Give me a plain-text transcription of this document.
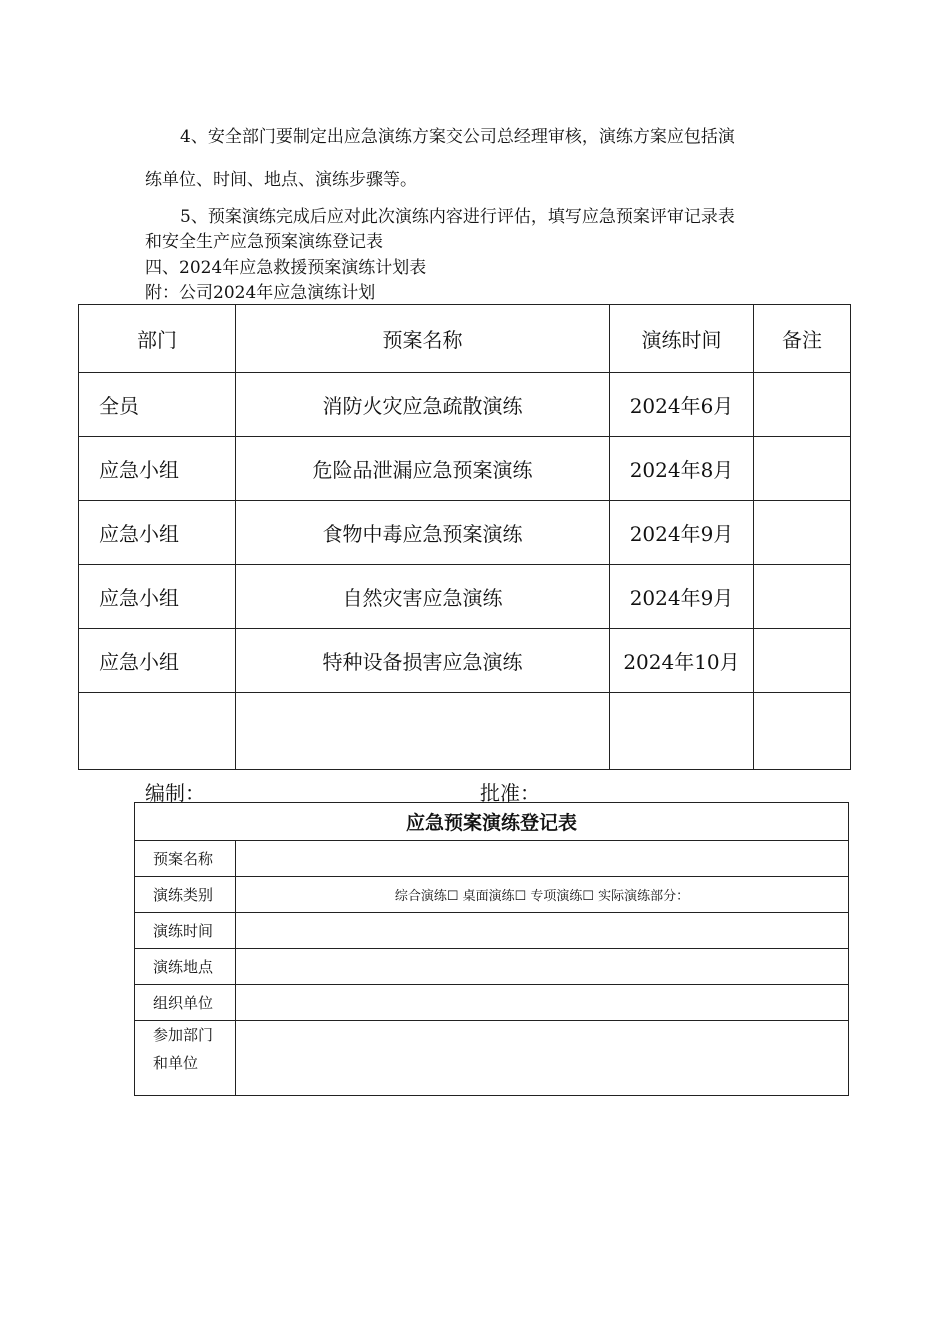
4、安全部门要制定出应急演练方案交公司总经理审核，演练方案应包括演
练单位、时间、地点、演练步骤等。
5、预案演练完成后应对此次演练内容进行评估，填写应急预案评审记录表
和安全生产应急预案演练登记表
四、2024年应急救援预案演练计划表
附：公司2024年应急演练计划
部门	预案名称	演练时间	备注
全员	消防火灾应急疏散演练	2024年6月	
应急小组	危险品泄漏应急预案演练	2024年8月	
应急小组	食物中毒应急预案演练	2024年9月	
应急小组	自然灾害应急演练	2024年9月	
应急小组	特种设备损害应急演练	2024年10月	

编制：	批准：
应急预案演练登记表	
预案名称	
演练类别	综合演练☐ 桌面演练☐ 专项演练☐ 实际演练部分：
演练时间	
演练地点	
组织单位	

参加部门
和单位	
